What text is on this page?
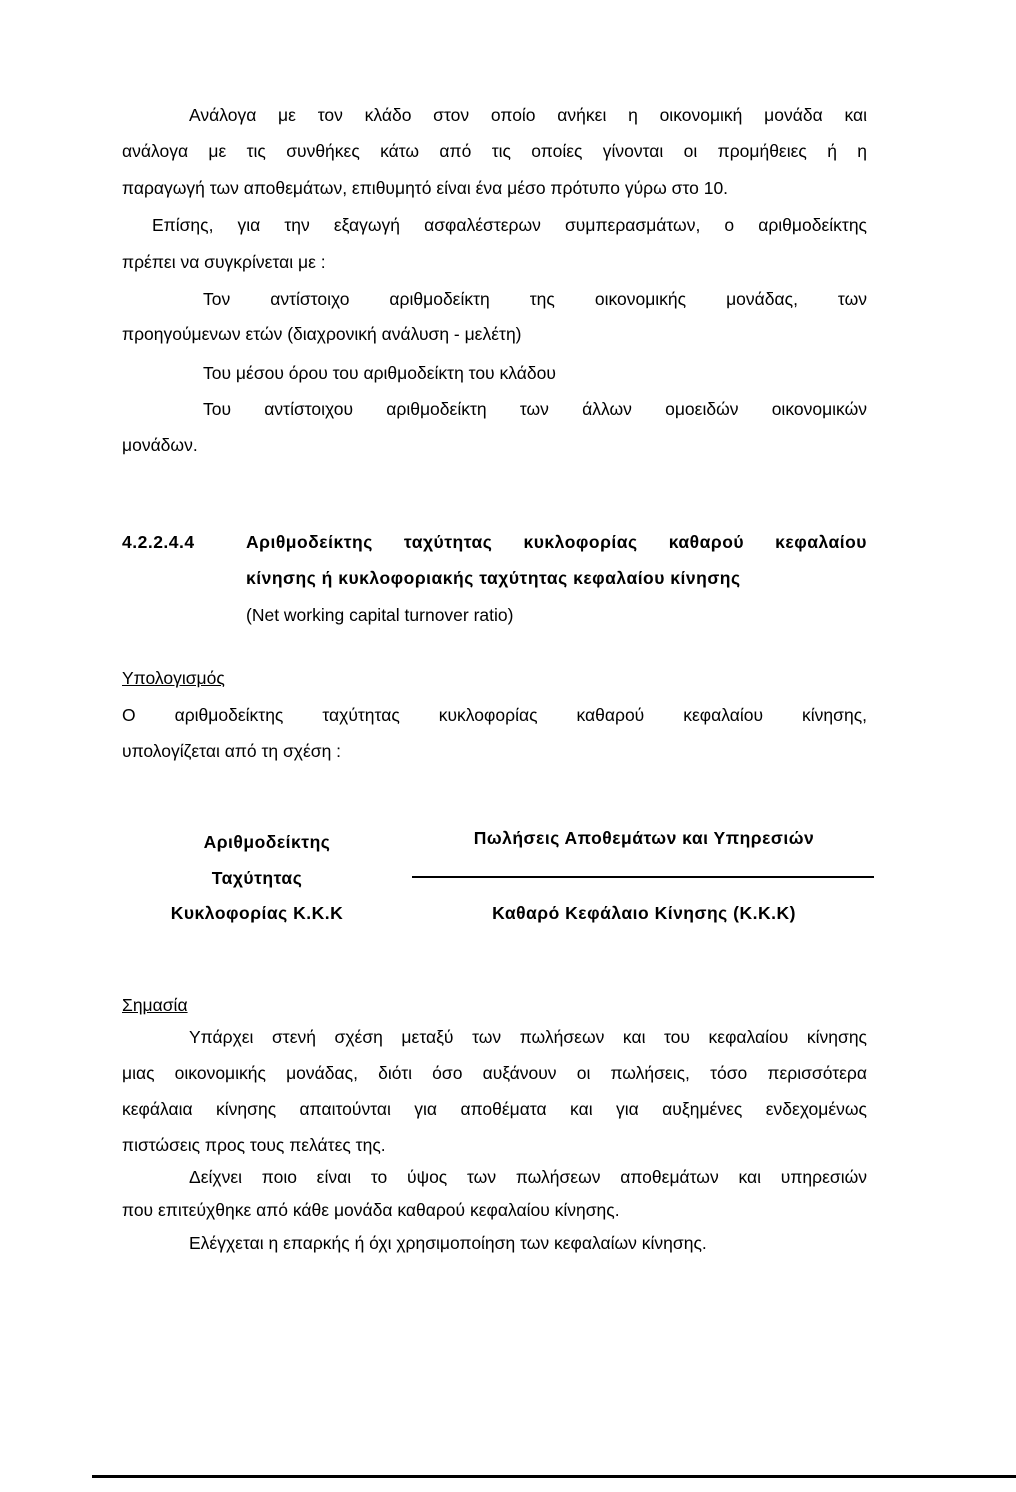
Ανάλογα με τον κλάδο στον οποίο ανήκει η οικονομική μονάδα και
ανάλογα με τις συνθήκες κάτω από τις οποίες γίνονται οι προμήθειες ή η
παραγωγή των αποθεμάτων, επιθυμητό είναι ένα μέσο πρότυπο γύρω στο 10.
Επίσης, για την εξαγωγή ασφαλέστερων συμπερασμάτων, ο αριθμοδείκτης
πρέπει να συγκρίνεται με :
Τον αντίστοιχο αριθμοδείκτη της οικονομικής μονάδας, των
προηγούμενων ετών (διαχρονική ανάλυση - μελέτη)
Του μέσου όρου του αριθμοδείκτη του κλάδου
Του αντίστοιχου αριθμοδείκτη των άλλων ομοειδών οικονομικών
μονάδων.
4.2.2.4.4	Αριθμοδείκτης ταχύτητας κυκλοφορίας καθαρού κεφαλαίου
κίνησης ή κυκλοφοριακής ταχύτητας κεφαλαίου κίνησης
(Net working capital turnover ratio)
Υπολογισμός
Ο αριθμοδείκτης ταχύτητας κυκλοφορίας καθαρού κεφαλαίου κίνησης,
υπολογίζεται από τη σχέση :
Αριθμοδείκτης
Ταχύτητας
Κυκλοφορίας Κ.Κ.Κ
Πωλήσεις Αποθεμάτων και Υπηρεσιών
Καθαρό Κεφάλαιο Κίνησης (Κ.Κ.Κ)
Σημασία
Υπάρχει στενή σχέση μεταξύ των πωλήσεων και του κεφαλαίου κίνησης
μιας οικονομικής μονάδας, διότι όσο αυξάνουν οι πωλήσεις, τόσο περισσότερα
κεφάλαια κίνησης απαιτούνται για αποθέματα και για αυξημένες ενδεχομένως
πιστώσεις προς τους πελάτες της.
Δείχνει ποιο είναι το ύψος των πωλήσεων αποθεμάτων και υπηρεσιών
που επιτεύχθηκε από κάθε μονάδα καθαρού κεφαλαίου κίνησης.
Ελέγχεται η επαρκής ή όχι χρησιμοποίηση των κεφαλαίων κίνησης.
